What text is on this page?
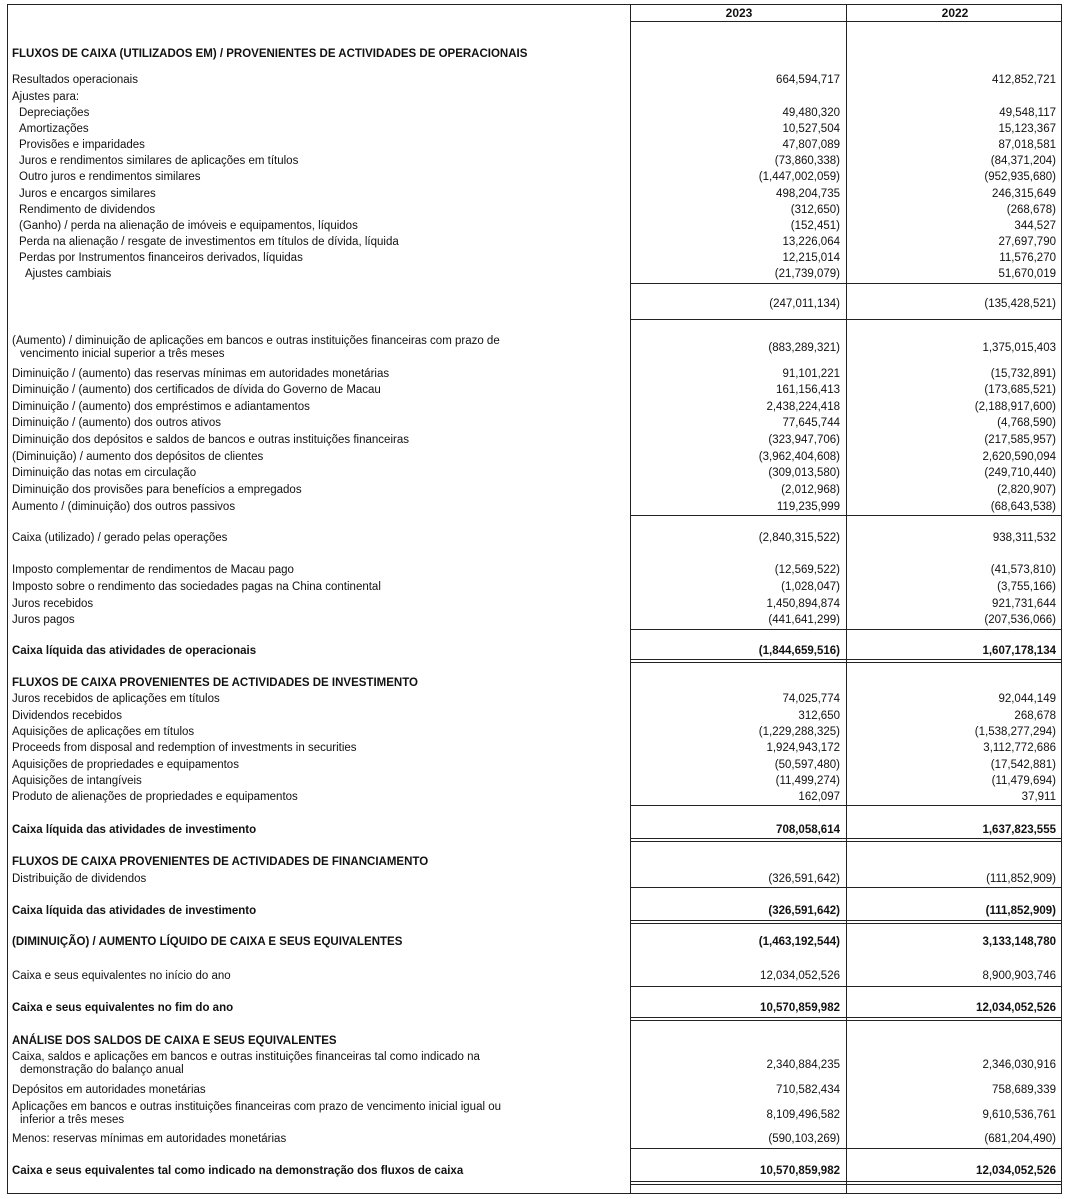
2023	2022
FLUXOS DE CAIXA (UTILIZADOS EM) / PROVENIENTES DE ACTIVIDADES DE OPERACIONAIS
Resultados operacionais	664,594,717	412,852,721
Ajustes para:
Depreciações	49,480,320	49,548,117
Amortizações	10,527,504	15,123,367
Provisões e imparidades	47,807,089	87,018,581
Juros e rendimentos similares de aplicações em títulos	(73,860,338)	(84,371,204)
Outro juros e rendimentos similares	(1,447,002,059)	(952,935,680)
Juros e encargos similares	498,204,735	246,315,649
Rendimento de dividendos	(312,650)	(268,678)
(Ganho) / perda na alienação de imóveis e equipamentos, líquidos	(152,451)	344,527
Perda na alienação / resgate de investimentos em títulos de dívida, líquida	13,226,064	27,697,790
Perdas por Instrumentos financeiros derivados, líquidas	12,215,014	11,576,270
Ajustes cambiais	(21,739,079)	51,670,019
(247,011,134)	(135,428,521)
(Aumento) / diminuição de aplicações em bancos e outras instituições financeiras com prazo de
vencimento inicial superior a três meses	(883,289,321)	1,375,015,403
Diminuição / (aumento) das reservas mínimas em autoridades monetárias	91,101,221	(15,732,891)
Diminuição / (aumento) dos certificados de dívida do Governo de Macau	161,156,413	(173,685,521)
Diminuição / (aumento) dos empréstimos e adiantamentos	2,438,224,418	(2,188,917,600)
Diminuição / (aumento) dos outros ativos	77,645,744	(4,768,590)
Diminuição dos depósitos e saldos de bancos e outras instituições financeiras	(323,947,706)	(217,585,957)
(Diminuição) / aumento dos depósitos de clientes	(3,962,404,608)	2,620,590,094
Diminuição das notas em circulação	(309,013,580)	(249,710,440)
Diminuição dos provisões para benefícios a empregados	(2,012,968)	(2,820,907)
Aumento / (diminuição) dos outros passivos	119,235,999	(68,643,538)
Caixa (utilizado) / gerado pelas operações	(2,840,315,522)	938,311,532
Imposto complementar de rendimentos de Macau pago	(12,569,522)	(41,573,810)
Imposto sobre o rendimento das sociedades pagas na China continental	(1,028,047)	(3,755,166)
Juros recebidos	1,450,894,874	921,731,644
Juros pagos	(441,641,299)	(207,536,066)
Caixa líquida das atividades de operacionais	(1,844,659,516)	1,607,178,134
FLUXOS DE CAIXA PROVENIENTES DE ACTIVIDADES DE INVESTIMENTO
Juros recebidos de aplicações em títulos	74,025,774	92,044,149
Dividendos recebidos	312,650	268,678
Aquisições de aplicações em títulos	(1,229,288,325)	(1,538,277,294)
Proceeds from disposal and redemption of investments in securities	1,924,943,172	3,112,772,686
Aquisições de propriedades e equipamentos	(50,597,480)	(17,542,881)
Aquisições de intangíveis	(11,499,274)	(11,479,694)
Produto de alienações de propriedades e equipamentos	162,097	37,911
Caixa líquida das atividades de investimento	708,058,614	1,637,823,555
FLUXOS DE CAIXA PROVENIENTES DE ACTIVIDADES DE FINANCIAMENTO
Distribuição de dividendos	(326,591,642)	(111,852,909)
Caixa líquida das atividades de investimento	(326,591,642)	(111,852,909)
(DIMINUIÇÃO) / AUMENTO LÍQUIDO DE CAIXA E SEUS EQUIVALENTES	(1,463,192,544)	3,133,148,780
Caixa e seus equivalentes no início do ano	12,034,052,526	8,900,903,746
Caixa e seus equivalentes no fim do ano	10,570,859,982	12,034,052,526
ANÁLISE DOS SALDOS DE CAIXA E SEUS EQUIVALENTES
Caixa, saldos e aplicações em bancos e outras instituições financeiras tal como indicado na
demonstração do balanço anual	2,340,884,235	2,346,030,916
Depósitos em autoridades monetárias	710,582,434	758,689,339
Aplicações em bancos e outras instituições financeiras com prazo de vencimento inicial igual ou
inferior a três meses	8,109,496,582	9,610,536,761
Menos: reservas mínimas em autoridades monetárias	(590,103,269)	(681,204,490)
Caixa e seus equivalentes tal como indicado na demonstração dos fluxos de caixa	10,570,859,982	12,034,052,526
